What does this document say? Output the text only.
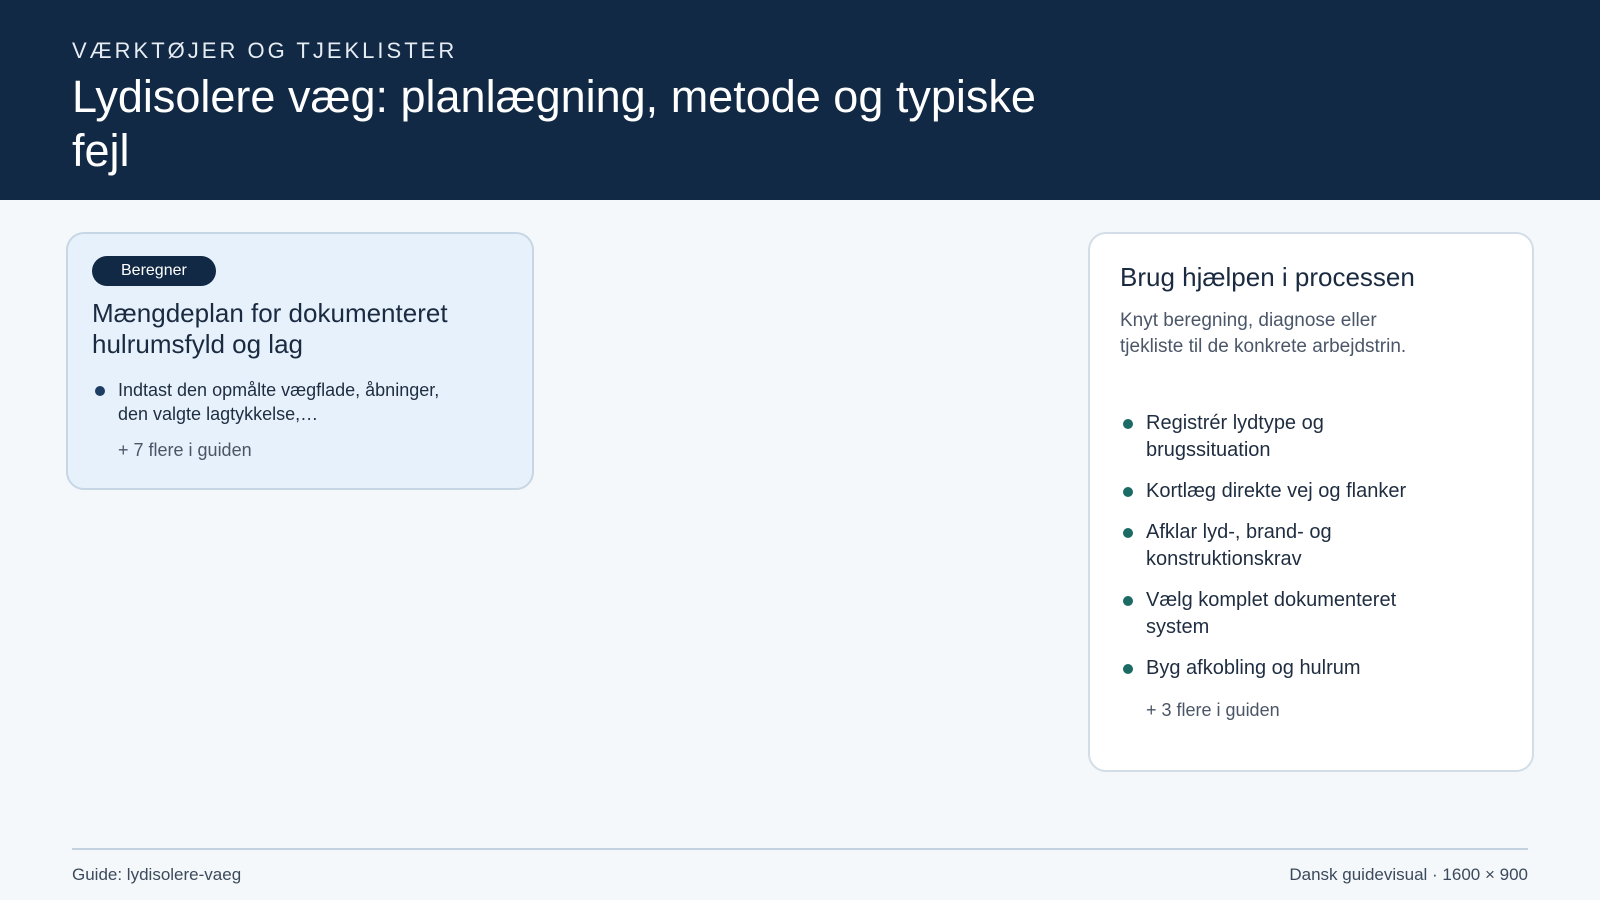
VÆRKTØJER OG TJEKLISTER
Lydisolere væg: planlægning, metode og typiske fejl
Beregner
Mængdeplan for dokumenteret hulrumsfyld og lag
Indtast den opmålte vægflade, åbninger, den valgte lagtykkelse,…
+ 7 flere i guiden
Brug hjælpen i processen
Knyt beregning, diagnose eller tjekliste til de konkrete arbejdstrin.
Registrér lydtype og brugssituation
Kortlæg direkte vej og flanker
Afklar lyd-, brand- og konstruktionskrav
Vælg komplet dokumenteret system
Byg afkobling og hulrum
+ 3 flere i guiden
Guide: lydisolere-vaeg	Dansk guidevisual · 1600 × 900
